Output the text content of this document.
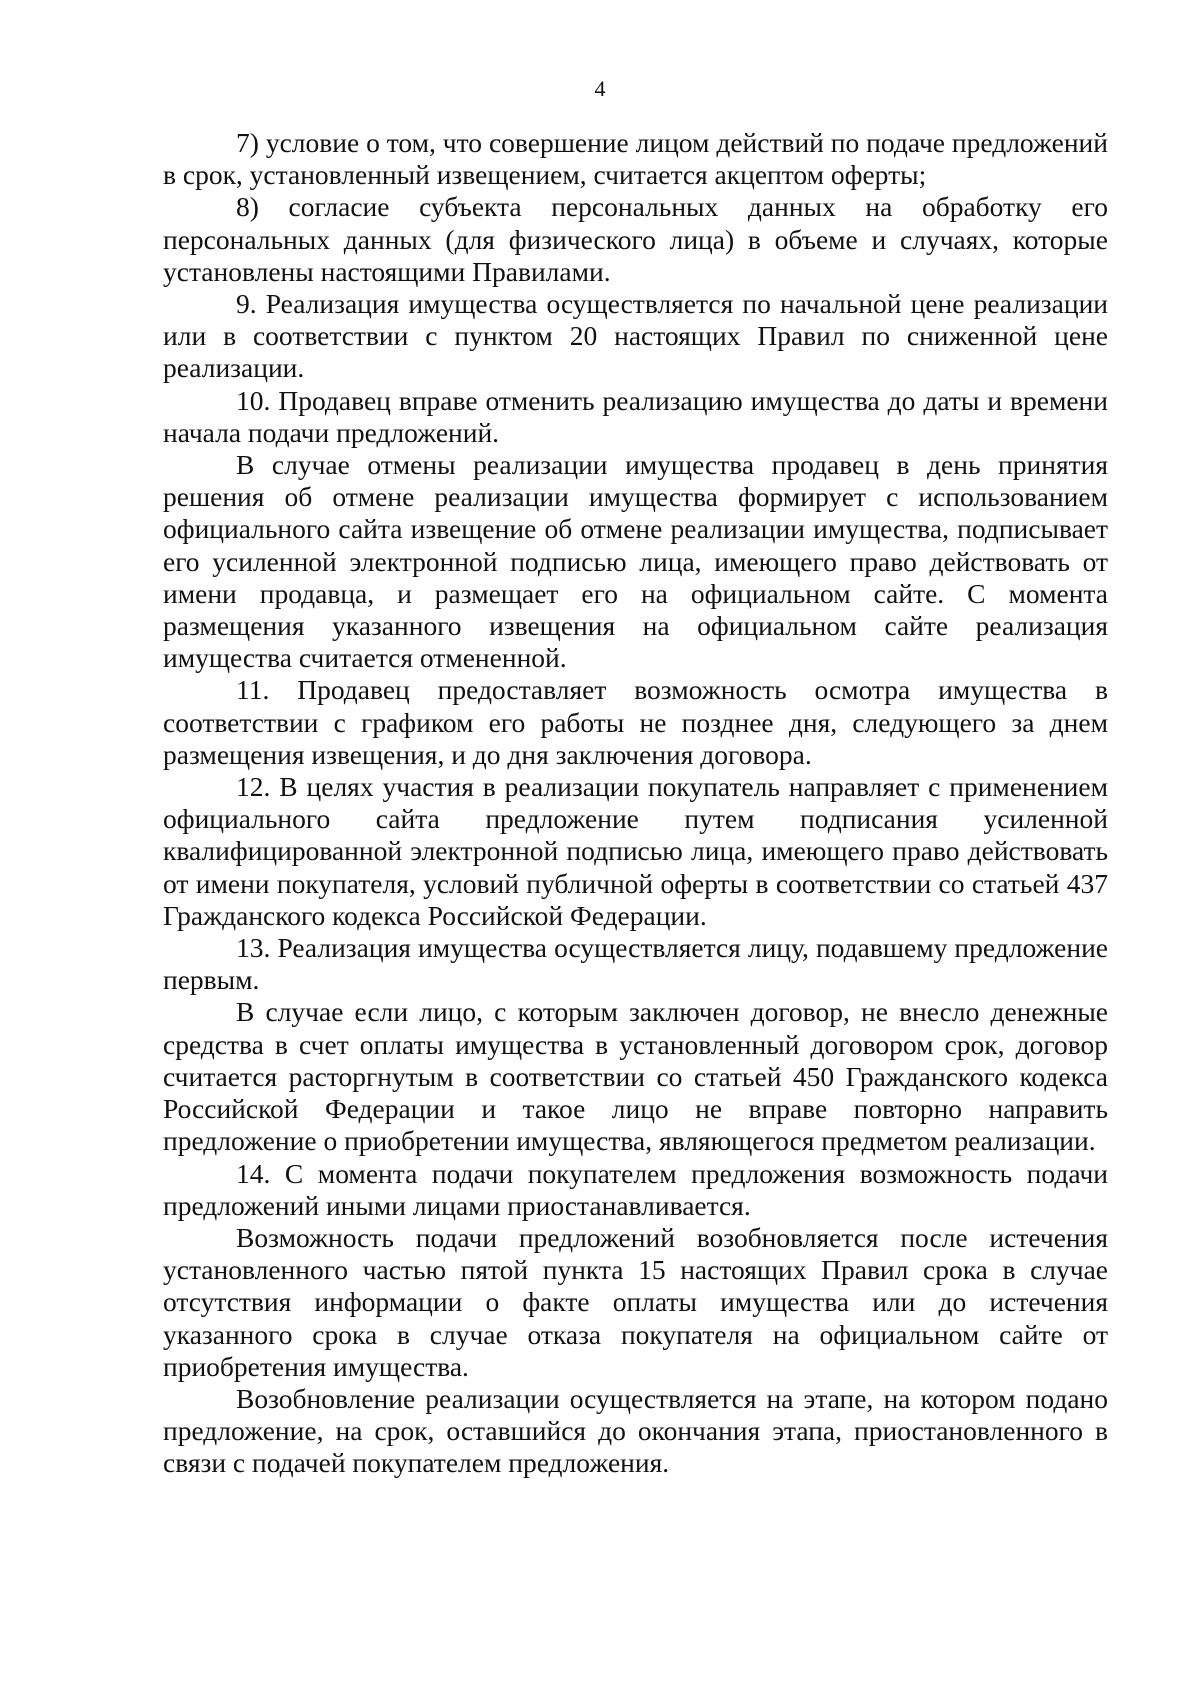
4

7) условие о том, что совершение лицом действий по подаче предложений в срок, установленный извещением, считается акцептом оферты;

8) согласие субъекта персональных данных на обработку его персональных данных (для физического лица) в объеме и случаях, которые установлены настоящими Правилами.

9. Реализация имущества осуществляется по начальной цене реализации или в соответствии с пунктом 20 настоящих Правил по сниженной цене реализации.

10. Продавец вправе отменить реализацию имущества до даты и времени начала подачи предложений.

В случае отмены реализации имущества продавец в день принятия решения об отмене реализации имущества формирует с использованием официального сайта извещение об отмене реализации имущества, подписывает его усиленной электронной подписью лица, имеющего право действовать от имени продавца, и размещает его на официальном сайте. С момента размещения указанного извещения на официальном сайте реализация имущества считается отмененной.

11. Продавец предоставляет возможность осмотра имущества в соответствии с графиком его работы не позднее дня, следующего за днем размещения извещения, и до дня заключения договора.

12. В целях участия в реализации покупатель направляет с применением официального сайта предложение путем подписания усиленной квалифицированной электронной подписью лица, имеющего право действовать от имени покупателя, условий публичной оферты в соответствии со статьей 437 Гражданского кодекса Российской Федерации.

13. Реализация имущества осуществляется лицу, подавшему предложение первым.

В случае если лицо, с которым заключен договор, не внесло денежные средства в счет оплаты имущества в установленный договором срок, договор считается расторгнутым в соответствии со статьей 450 Гражданского кодекса Российской Федерации и такое лицо не вправе повторно направить предложение о приобретении имущества, являющегося предметом реализации.

14. С момента подачи покупателем предложения возможность подачи предложений иными лицами приостанавливается.

Возможность подачи предложений возобновляется после истечения установленного частью пятой пункта 15 настоящих Правил срока в случае отсутствия информации о факте оплаты имущества или до истечения указанного срока в случае отказа покупателя на официальном сайте от приобретения имущества.

Возобновление реализации осуществляется на этапе, на котором подано предложение, на срок, оставшийся до окончания этапа, приостановленного в связи с подачей покупателем предложения.
